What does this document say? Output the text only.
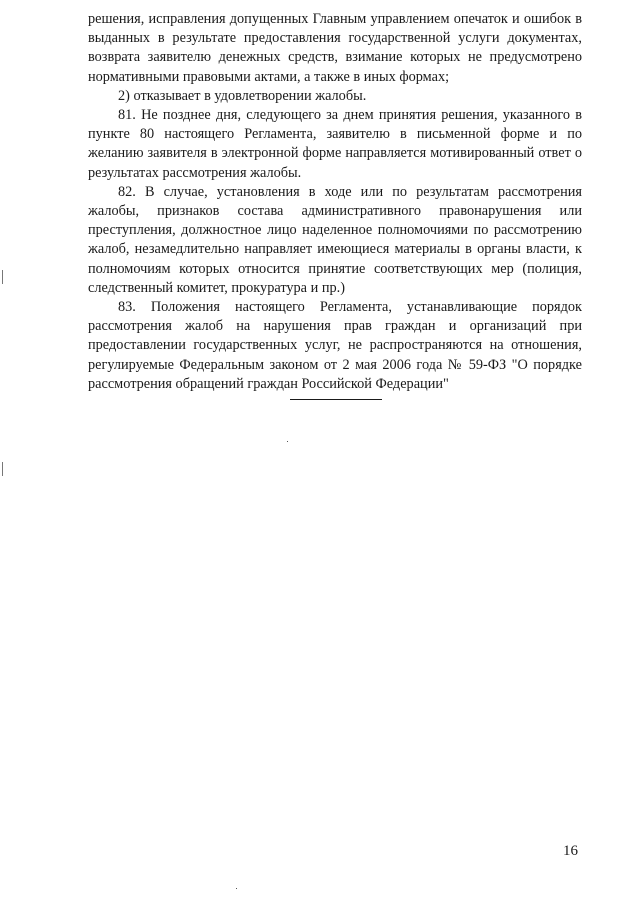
решения, исправления допущенных Главным управлением опечаток и ошибок в выданных в результате предоставления государственной услуги документах, возврата заявителю денежных средств, взимание которых не предусмотрено нормативными правовыми актами, а также в иных формах;

2) отказывает в удовлетворении жалобы.

81. Не позднее дня, следующего за днем принятия решения, указанного в пункте 80 настоящего Регламента, заявителю в письменной форме и по желанию заявителя в электронной форме направляется мотивированный ответ о результатах рассмотрения жалобы.

82. В случае, установления в ходе или по результатам рассмотрения жалобы, признаков состава административного правонарушения или преступления, должностное лицо наделенное полномочиями по рассмотрению жалоб, незамедлительно направляет имеющиеся материалы в органы власти, к полномочиям которых относится принятие соответствующих мер (полиция, следственный комитет, прокуратура и пр.)

83. Положения настоящего Регламента, устанавливающие порядок рассмотрения жалоб на нарушения прав граждан и организаций при предоставлении государственных услуг, не распространяются на отношения, регулируемые Федеральным законом от 2 мая 2006 года № 59-ФЗ "О порядке рассмотрения обращений граждан Российской Федерации"

16
